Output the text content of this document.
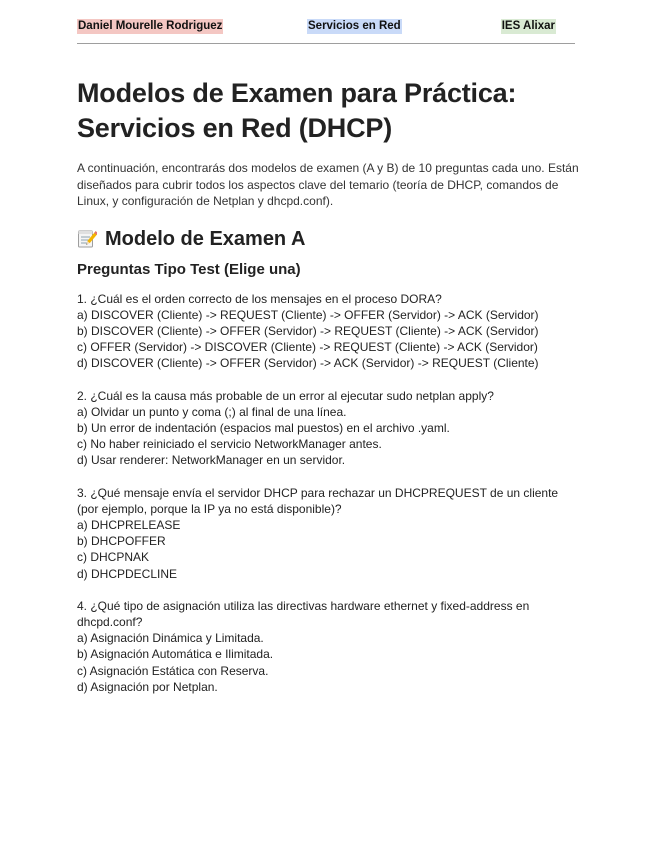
Daniel Mourelle Rodriguez	Servicios en Red	IES Alixar
Modelos de Examen para Práctica:
Servicios en Red (DHCP)

A continuación, encontrarás dos modelos de examen (A y B) de 10 preguntas cada uno. Están diseñados para cubrir todos los aspectos clave del temario (teoría de DHCP, comandos de Linux, y configuración de Netplan y dhcpd.conf).

Modelo de Examen A
Preguntas Tipo Test (Elige una)
1. ¿Cuál es el orden correcto de los mensajes en el proceso DORA?
a) DISCOVER (Cliente) -> REQUEST (Cliente) -> OFFER (Servidor) -> ACK (Servidor)
b) DISCOVER (Cliente) -> OFFER (Servidor) -> REQUEST (Cliente) -> ACK (Servidor)
c) OFFER (Servidor) -> DISCOVER (Cliente) -> REQUEST (Cliente) -> ACK (Servidor)
d) DISCOVER (Cliente) -> OFFER (Servidor) -> ACK (Servidor) -> REQUEST (Cliente)
2. ¿Cuál es la causa más probable de un error al ejecutar sudo netplan apply?
a) Olvidar un punto y coma (;) al final de una línea.
b) Un error de indentación (espacios mal puestos) en el archivo .yaml.
c) No haber reiniciado el servicio NetworkManager antes.
d) Usar renderer: NetworkManager en un servidor.
3. ¿Qué mensaje envía el servidor DHCP para rechazar un DHCPREQUEST de un cliente (por ejemplo, porque la IP ya no está disponible)?
a) DHCPRELEASE
b) DHCPOFFER
c) DHCPNAK
d) DHCPDECLINE
4. ¿Qué tipo de asignación utiliza las directivas hardware ethernet y fixed-address en dhcpd.conf?
a) Asignación Dinámica y Limitada.
b) Asignación Automática e Ilimitada.
c) Asignación Estática con Reserva.
d) Asignación por Netplan.
